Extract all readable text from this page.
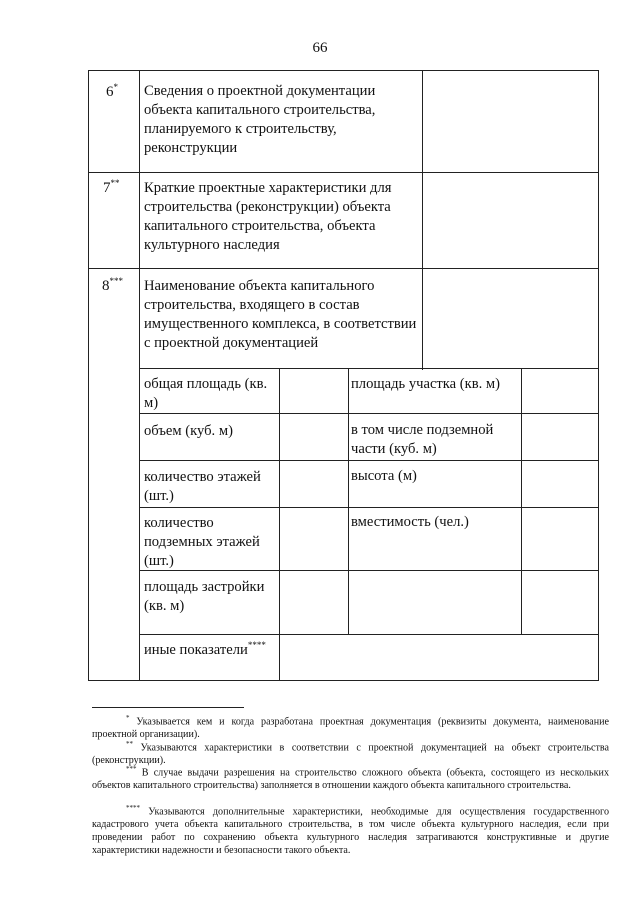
66
6*
7**
8***
Сведения о проектной документации объекта капитального строительства, планируемого к строительству, реконструкции
Краткие проектные характеристики для строительства (реконструкции) объекта капитального строительства, объекта культурного наследия
Наименование объекта капитального строительства, входящего в состав имущественного комплекса, в соответствии с проектной документацией
общая площадь (кв. м)
площадь участка (кв. м)
объем (куб. м)	в том числе подземной части (куб. м)
количество этажей (шт.)
высота (м)
количество подземных этажей (шт.)
вместимость (чел.)
площадь застройки (кв. м)
иные показатели****
* Указывается кем и когда разработана проектная документация (реквизиты документа, наименование проектной организации).
** Указываются характеристики в соответствии с проектной документацией на объект строительства (реконструкции).
*** В случае выдачи разрешения на строительство сложного объекта (объекта, состоящего из нескольких объектов капитального строительства) заполняется в отношении каждого объекта капитального строительства.
**** Указываются дополнительные характеристики, необходимые для осуществления государственного кадастрового учета объекта капитального строительства, в том числе объекта культурного наследия, если при проведении работ по сохранению объекта культурного наследия затрагиваются конструктивные и другие характеристики надежности и безопасности такого объекта.
